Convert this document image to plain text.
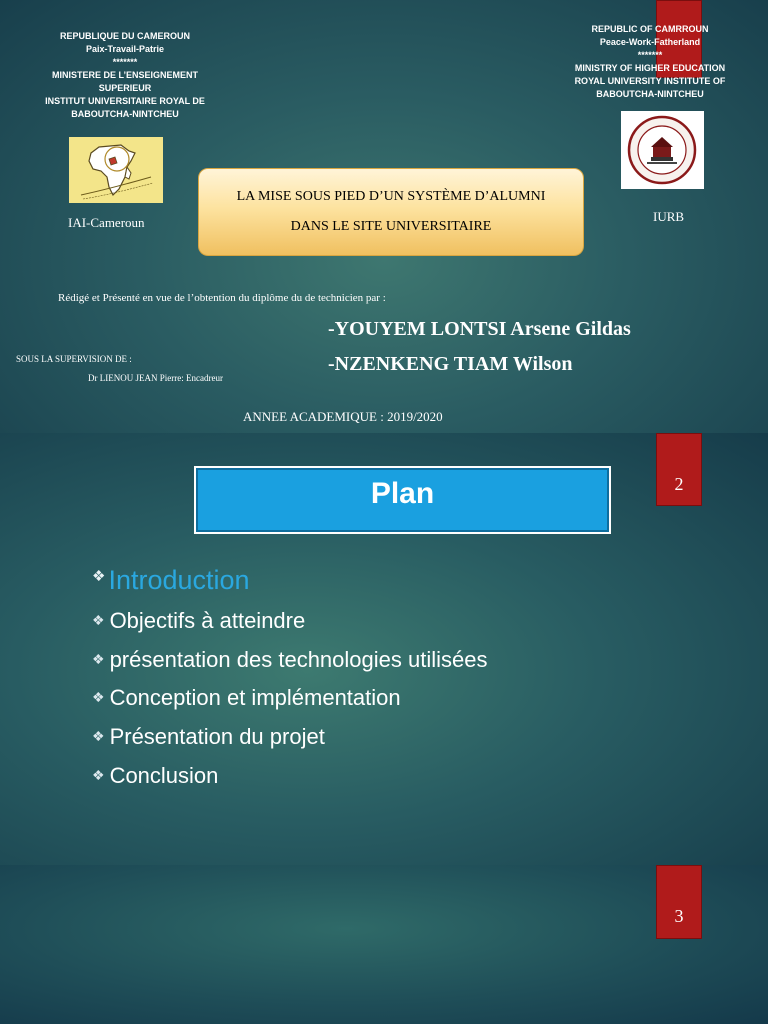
REPUBLIQUE DU CAMEROUN
Paix-Travail-Patrie
*******
MINISTERE DE L’ENSEIGNEMENT
SUPERIEUR
INSTITUT UNIVERSITAIRE ROYAL DE
BABOUTCHA-NINTCHEU
REPUBLIC OF CAMRROUN
Peace-Work-Fatherland
*******
MINISTRY OF HIGHER EDUCATION
ROYAL UNIVERSITY INSTITUTE OF
BABOUTCHA-NINTCHEU
IAI-Cameroun	IURB
LA MISE SOUS PIED D’UN SYSTÈME D’ALUMNI
DANS LE SITE UNIVERSITAIRE
Rédigé et Présenté en vue de l’obtention du diplôme du de technicien par :
-YOUYEM LONTSI Arsene Gildas
-NZENKENG TIAM Wilson
SOUS LA SUPERVISION DE :
Dr LIENOU JEAN Pierre: Encadreur
ANNEE ACADEMIQUE : 2019/2020
Plan	2
❖ Introduction
❖ Objectifs à atteindre
❖ présentation des technologies utilisées
❖ Conception et implémentation
❖ Présentation du projet
❖ Conclusion
3
